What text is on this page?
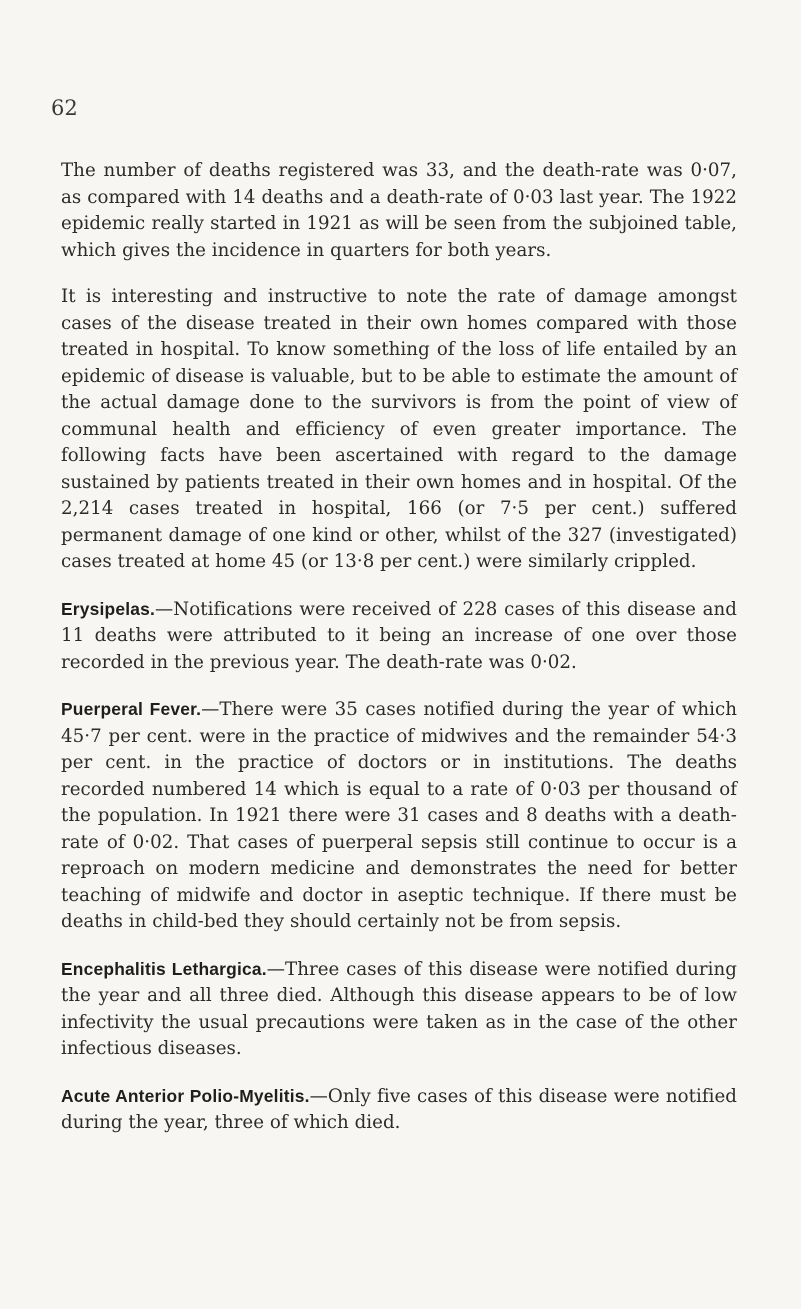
62

The number of deaths registered was 33, and the death-rate was 0·07, as compared with 14 deaths and a death-rate of 0·03 last year. The 1922 epidemic really started in 1921 as will be seen from the subjoined table, which gives the incidence in quarters for both years.

It is interesting and instructive to note the rate of damage amongst cases of the disease treated in their own homes compared with those treated in hospital. To know something of the loss of life entailed by an epidemic of disease is valuable, but to be able to estimate the amount of the actual damage done to the survivors is from the point of view of communal health and efficiency of even greater importance. The following facts have been ascertained with regard to the damage sustained by patients treated in their own homes and in hospital. Of the 2,214 cases treated in hospital, 166 (or 7·5 per cent.) suffered permanent damage of one kind or other, whilst of the 327 (investigated) cases treated at home 45 (or 13·8 per cent.) were similarly crippled.

Erysipelas.—Notifications were received of 228 cases of this disease and 11 deaths were attributed to it being an increase of one over those recorded in the previous year. The death-rate was 0·02.

Puerperal Fever.—There were 35 cases notified during the year of which 45·7 per cent. were in the practice of midwives and the remainder 54·3 per cent. in the practice of doctors or in institutions. The deaths recorded numbered 14 which is equal to a rate of 0·03 per thousand of the population. In 1921 there were 31 cases and 8 deaths with a death-rate of 0·02. That cases of puerperal sepsis still continue to occur is a reproach on modern medicine and demonstrates the need for better teaching of midwife and doctor in aseptic technique. If there must be deaths in child-bed they should certainly not be from sepsis.

Encephalitis Lethargica.—Three cases of this disease were notified during the year and all three died. Although this disease appears to be of low infectivity the usual precautions were taken as in the case of the other infectious diseases.

Acute Anterior Polio-Myelitis.—Only five cases of this disease were notified during the year, three of which died.
